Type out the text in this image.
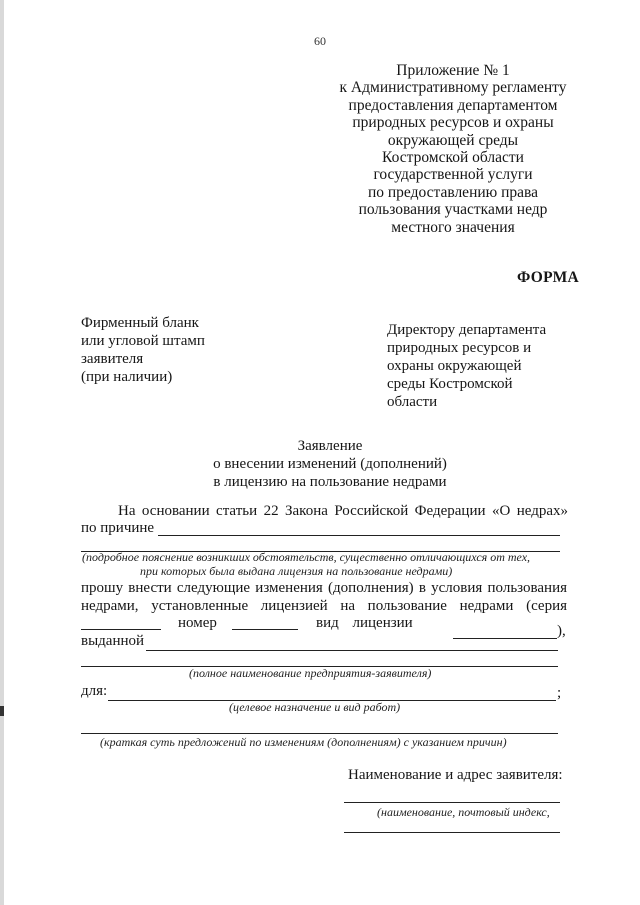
60
Приложение № 1
к Административному регламенту
предоставления департаментом
природных ресурсов и охраны
окружающей среды
Костромской области
государственной услуги
по предоставлению права
пользования участками недр
местного значения
ФОРМА
Фирменный бланк
или угловой штамп
заявителя
(при наличии)
Директору департамента
природных ресурсов и
охраны окружающей
среды Костромской
области
Заявление
о внесении изменений (дополнений)
в лицензию на пользование недрами
На основании статьи 22 Закона Российской Федерации «О недрах»
по причине
(подробное пояснение возникших обстоятельств, существенно отличающихся от тех,
при которых была выдана лицензия на пользование недрами)
прошу внести следующие изменения (дополнения) в условия пользования
недрами, установленные лицензией на пользование недрами (серия
номер	вид лицензии	),
выданной
(полное наименование предприятия-заявителя)
для:	;
(целевое назначение и вид работ)
(краткая суть предложений по изменениям (дополнениям) с указанием причин)
Наименование и адрес заявителя:
(наименование, почтовый индекс,
